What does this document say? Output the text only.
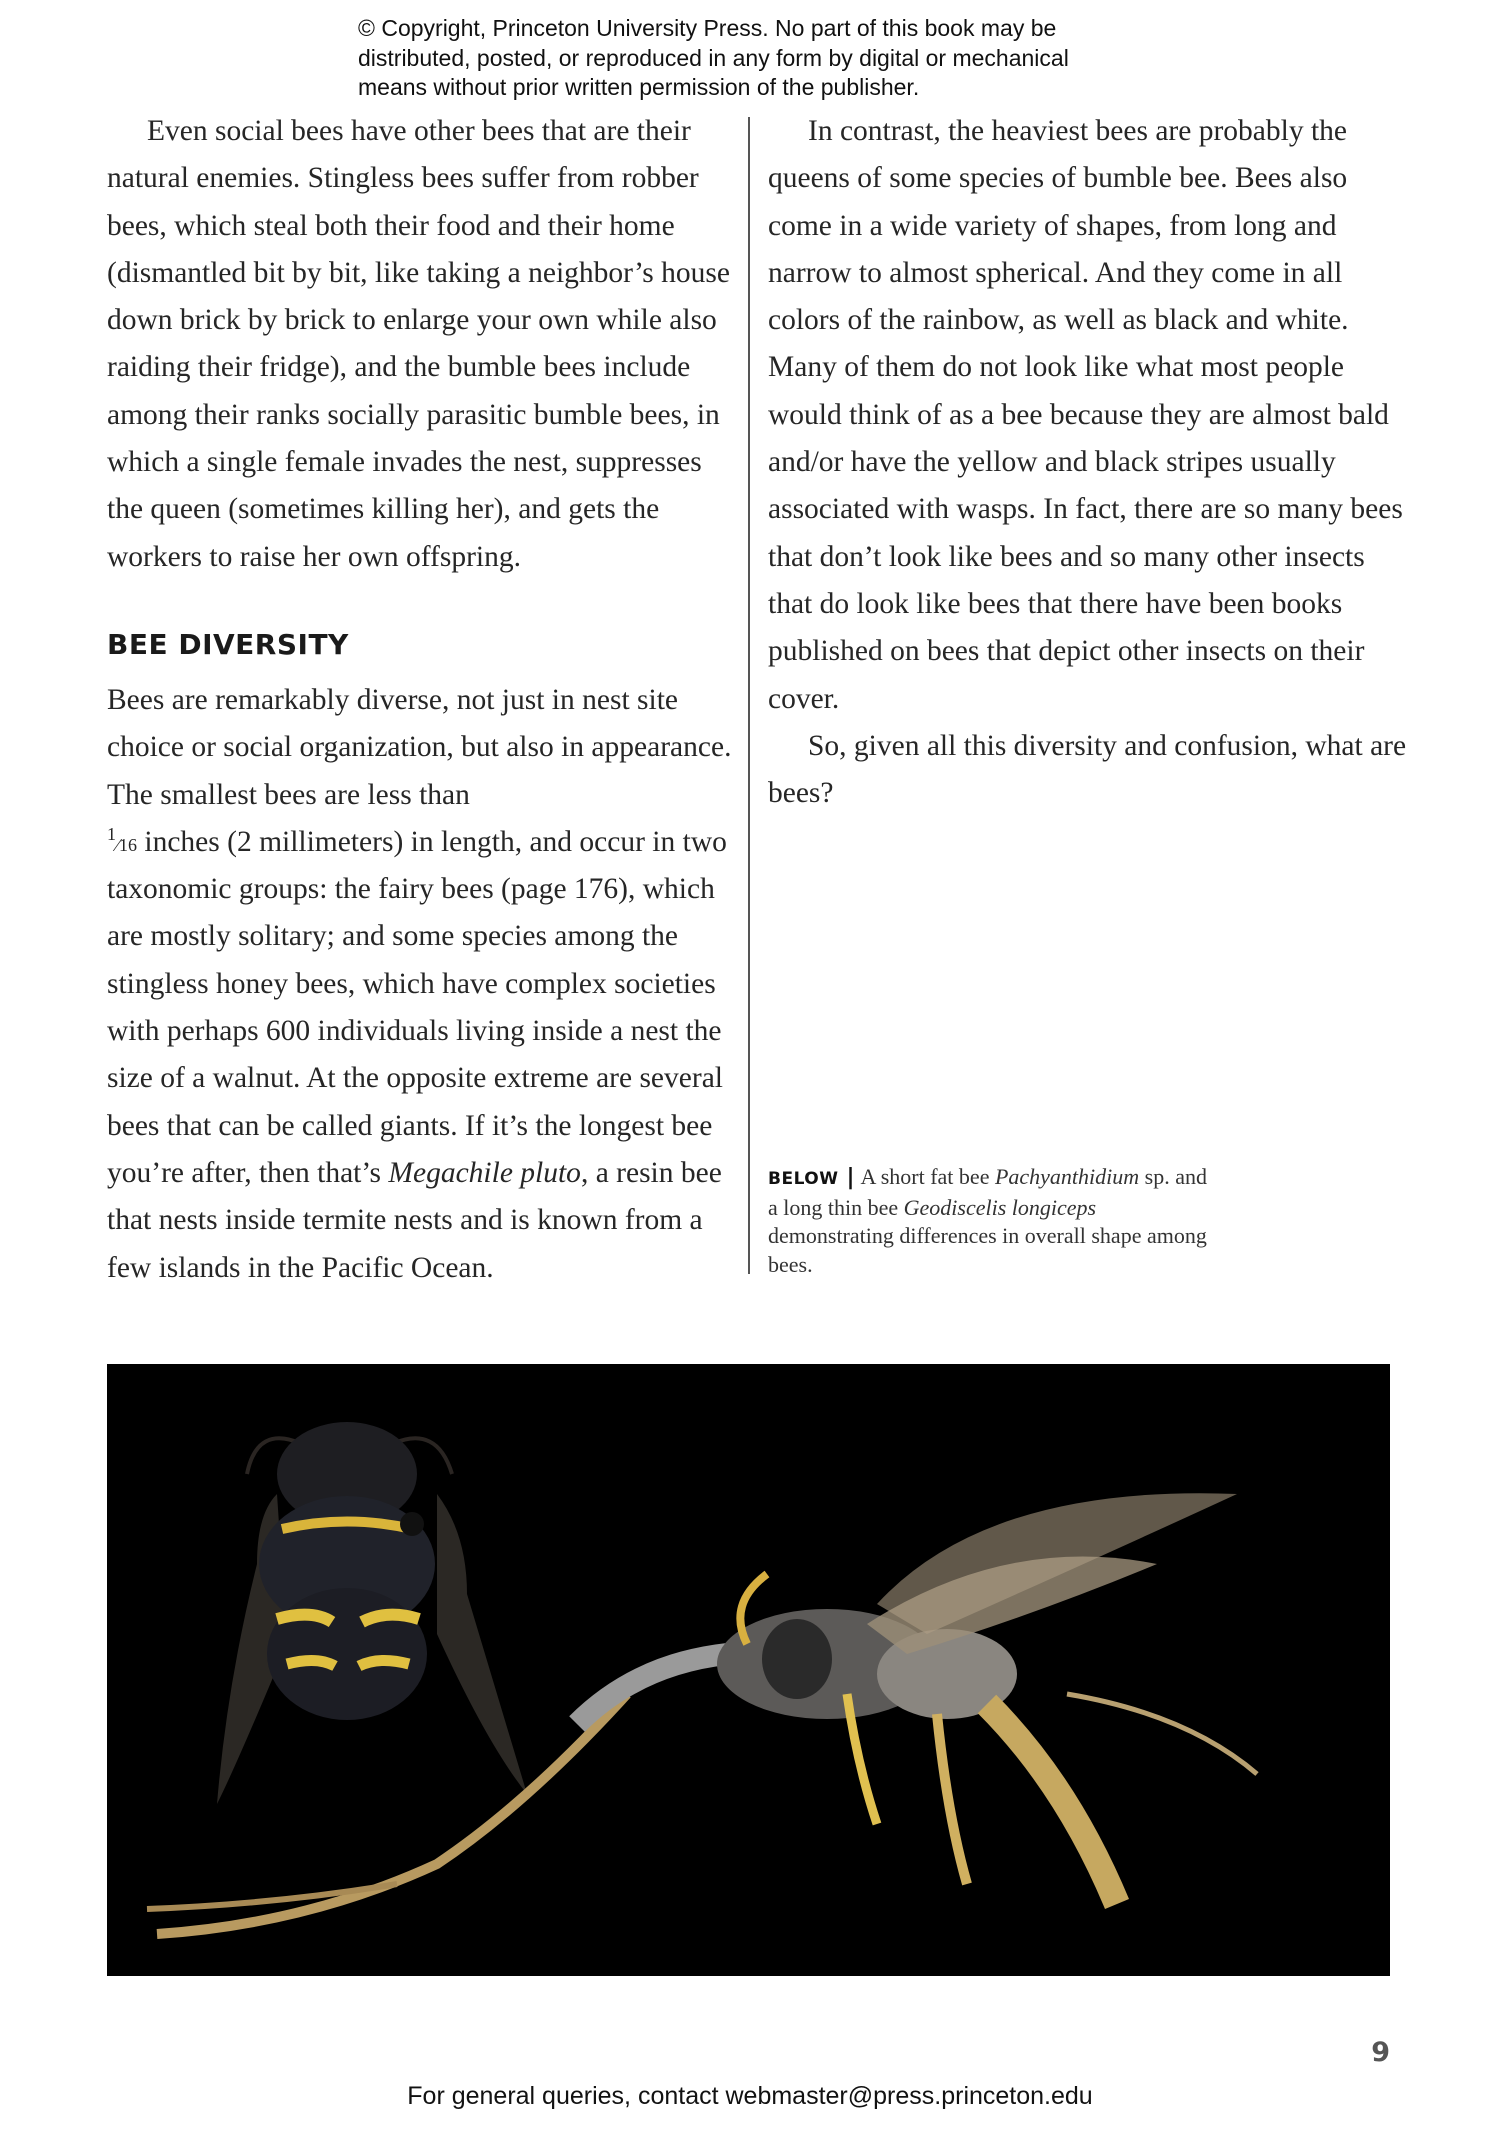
© Copyright, Princeton University Press. No part of this book may be

distributed, posted, or reproduced in any form by digital or mechanical

means without prior written permission of the publisher.

Even social bees have other bees that are their natural enemies. Stingless bees suffer from robber bees, which steal both their food and their home (dismantled bit by bit, like taking a neighbor’s house down brick by brick to enlarge your own while also raiding their fridge), and the bumble bees include among their ranks socially parasitic bumble bees, in which a single female invades the nest, suppresses the queen (sometimes killing her), and gets the workers to raise her own offspring.

BEE DIVERSITY

Bees are remarkably diverse, not just in nest site choice or social organization, but also in appearance. The smallest bees are less than
$^1$⁄16 inches (2 millimeters) in length, and occur in two taxonomic groups: the fairy bees (page 176), which are mostly solitary; and some species among the stingless honey bees, which have complex societies with perhaps 600 individuals living inside a nest the size of a walnut. At the opposite extreme are several bees that can be called giants. If it’s the longest bee you’re after, then that’s Megachile pluto, a resin bee that nests inside termite nests and is known from a few islands in the Pacific Ocean.

In contrast, the heaviest bees are probably the queens of some species of bumble bee. Bees also come in a wide variety of shapes, from long and narrow to almost spherical. And they come in all colors of the rainbow, as well as black and white. Many of them do not look like what most people would think of as a bee because they are almost bald and/or have the yellow and black stripes usually associated with wasps. In fact, there are so many bees that don’t look like bees and so many other insects that do look like bees that there have been books published on bees that depict other insects on their cover.

So, given all this diversity and confusion, what are bees?

BELOW | A short fat bee Pachyanthidium sp. and a long thin bee Geodiscelis longiceps demonstrating differences in overall shape among bees.
9
For general queries, contact webmaster@press.princeton.edu
